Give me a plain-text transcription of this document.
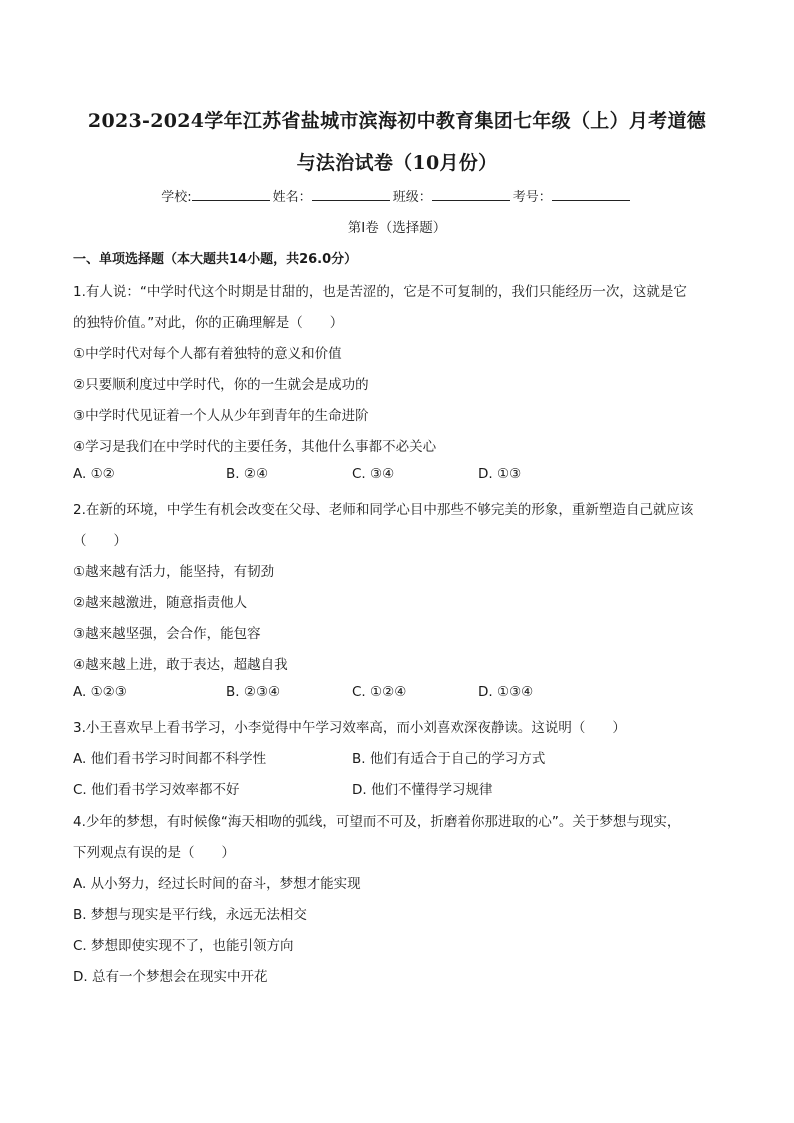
2023-2024学年江苏省盐城市滨海初中教育集团七年级（上）月考道德
与法治试卷（10月份）
学校:	姓名：	班级：	考号：
第Ⅰ卷（选择题）
一、单项选择题（本大题共14小题，共26.0分）
1.有人说：“中学时代这个时期是甘甜的，也是苦涩的，它是不可复制的，我们只能经历一次，这就是它
的独特价值。”对此，你的正确理解是（　　）
①中学时代对每个人都有着独特的意义和价值
②只要顺利度过中学时代，你的一生就会是成功的
③中学时代见证着一个人从少年到青年的生命进阶
④学习是我们在中学时代的主要任务，其他什么事都不必关心
A. ①②	B. ②④	C. ③④	D. ①③
2.在新的环境，中学生有机会改变在父母、老师和同学心目中那些不够完美的形象，重新塑造自己就应该
（　　）
①越来越有活力，能坚持，有韧劲
②越来越激进，随意指责他人
③越来越坚强，会合作，能包容
④越来越上进，敢于表达，超越自我
A. ①②③	B. ②③④	C. ①②④	D. ①③④
3.小王喜欢早上看书学习，小李觉得中午学习效率高，而小刘喜欢深夜静读。这说明（　　）
A. 他们看书学习时间都不科学性	B. 他们有适合于自己的学习方式
C. 他们看书学习效率都不好	D. 他们不懂得学习规律
4.少年的梦想，有时候像“海天相吻的弧线，可望而不可及，折磨着你那进取的心”。关于梦想与现实，
下列观点有误的是（　　）
A. 从小努力，经过长时间的奋斗，梦想才能实现
B. 梦想与现实是平行线，永远无法相交
C. 梦想即使实现不了，也能引领方向
D. 总有一个梦想会在现实中开花
